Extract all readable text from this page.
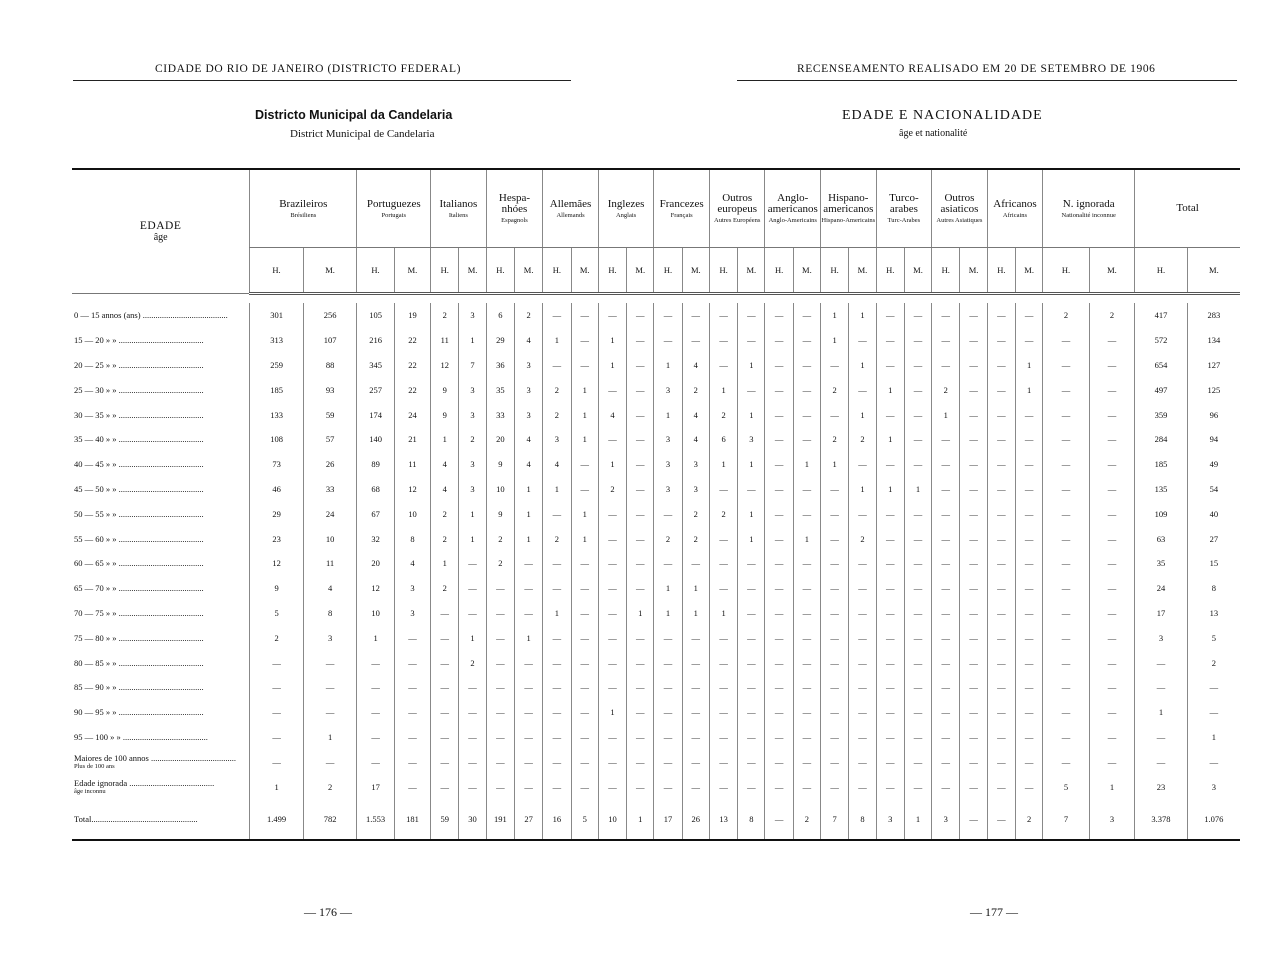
CIDADE DO RIO DE JANEIRO (DISTRICTO FEDERAL)	RECENSEAMENTO REALISADO EM 20 DE SETEMBRO DE 1906
Districto Municipal da Candelaria
District Municipal de Candelaria
EDADE E NACIONALIDADE
âge et nationalité
EDADE
âge	Brazileiros
Brésiliens		Portuguezes
Portugais		Italianos
Italiens		Hespa-nhóes
Espagnols		Allemães
Allemands		Inglezes
Anglais		Francezes
Français		Outros europeus
Autres Européens		Anglo-americanos
Anglo-Americains		Hispano-americanos
Hispano-Americains		Turco-arabes
Turc-Arabes		Outros asiaticos
Autres Asiatiques		Africanos
Africains		N. ignorada
Nationalité inconnue		Total	

	H.	M.	H.	M.	H.	M.	H.	M.	H.	M.	H.	M.	H.	M.	H.	M.	H.	M.	H.	M.	H.	M.	H.	M.	H.	M.	H.	M.	H.	M.

0 — 15 annos (ans) ........................................	301	256	105	19	2	3	6	2	—	—	—	—	—	—	—	—	—	—	1	1	—	—	—	—	—	—	2	2	417	283

15 — 20 » » ........................................	313	107	216	22	11	1	29	4	1	—	1	—	—	—	—	—	—	—	1	—	—	—	—	—	—	—	—	—	572	134

20 — 25 » » ........................................	259	88	345	22	12	7	36	3	—	—	1	—	1	4	—	1	—	—	—	1	—	—	—	—	—	1	—	—	654	127

25 — 30 » » ........................................	185	93	257	22	9	3	35	3	2	1	—	—	3	2	1	—	—	—	2	—	1	—	2	—	—	1	—	—	497	125

30 — 35 » » ........................................	133	59	174	24	9	3	33	3	2	1	4	—	1	4	2	1	—	—	—	1	—	—	1	—	—	—	—	—	359	96

35 — 40 » » ........................................	108	57	140	21	1	2	20	4	3	1	—	—	3	4	6	3	—	—	2	2	1	—	—	—	—	—	—	—	284	94

40 — 45 » » ........................................	73	26	89	11	4	3	9	4	4	—	1	—	3	3	1	1	—	1	1	—	—	—	—	—	—	—	—	—	185	49

45 — 50 » » ........................................	46	33	68	12	4	3	10	1	1	—	2	—	3	3	—	—	—	—	—	1	1	1	—	—	—	—	—	—	135	54

50 — 55 » » ........................................	29	24	67	10	2	1	9	1	—	1	—	—	—	2	2	1	—	—	—	—	—	—	—	—	—	—	—	—	109	40

55 — 60 » » ........................................	23	10	32	8	2	1	2	1	2	1	—	—	2	2	—	1	—	1	—	2	—	—	—	—	—	—	—	—	63	27

60 — 65 » » ........................................	12	11	20	4	1	—	2	—	—	—	—	—	—	—	—	—	—	—	—	—	—	—	—	—	—	—	—	—	35	15

65 — 70 » » ........................................	9	4	12	3	2	—	—	—	—	—	—	—	1	1	—	—	—	—	—	—	—	—	—	—	—	—	—	—	24	8

70 — 75 » » ........................................	5	8	10	3	—	—	—	—	1	—	—	1	1	1	1	—	—	—	—	—	—	—	—	—	—	—	—	—	17	13

75 — 80 » » ........................................	2	3	1	—	—	1	—	1	—	—	—	—	—	—	—	—	—	—	—	—	—	—	—	—	—	—	—	—	3	5

80 — 85 » » ........................................	—	—	—	—	—	2	—	—	—	—	—	—	—	—	—	—	—	—	—	—	—	—	—	—	—	—	—	—	—	2

85 — 90 » » ........................................	—	—	—	—	—	—	—	—	—	—	—	—	—	—	—	—	—	—	—	—	—	—	—	—	—	—	—	—	—	—

90 — 95 » » ........................................	—	—	—	—	—	—	—	—	—	—	1	—	—	—	—	—	—	—	—	—	—	—	—	—	—	—	—	—	1	—

95 — 100 » » ........................................	—	1	—	—	—	—	—	—	—	—	—	—	—	—	—	—	—	—	—	—	—	—	—	—	—	—	—	—	—	1

Maiores de 100 annos ........................................
Plus de 100 ans	—	—	—	—	—	—	—	—	—	—	—	—	—	—	—	—	—	—	—	—	—	—	—	—	—	—	—	—	—	—

Edade ignorada ........................................
âge inconnu	1	2	17	—	—	—	—	—	—	—	—	—	—	—	—	—	—	—	—	—	—	—	—	—	—	—	5	1	23	3

Total..................................................	1.499	782	1.553	181	59	30	191	27	16	5	10	1	17	26	13	8	—	2	7	8	3	1	3	—	—	2	7	3	3.378	1.076
— 176 —	— 177 —
